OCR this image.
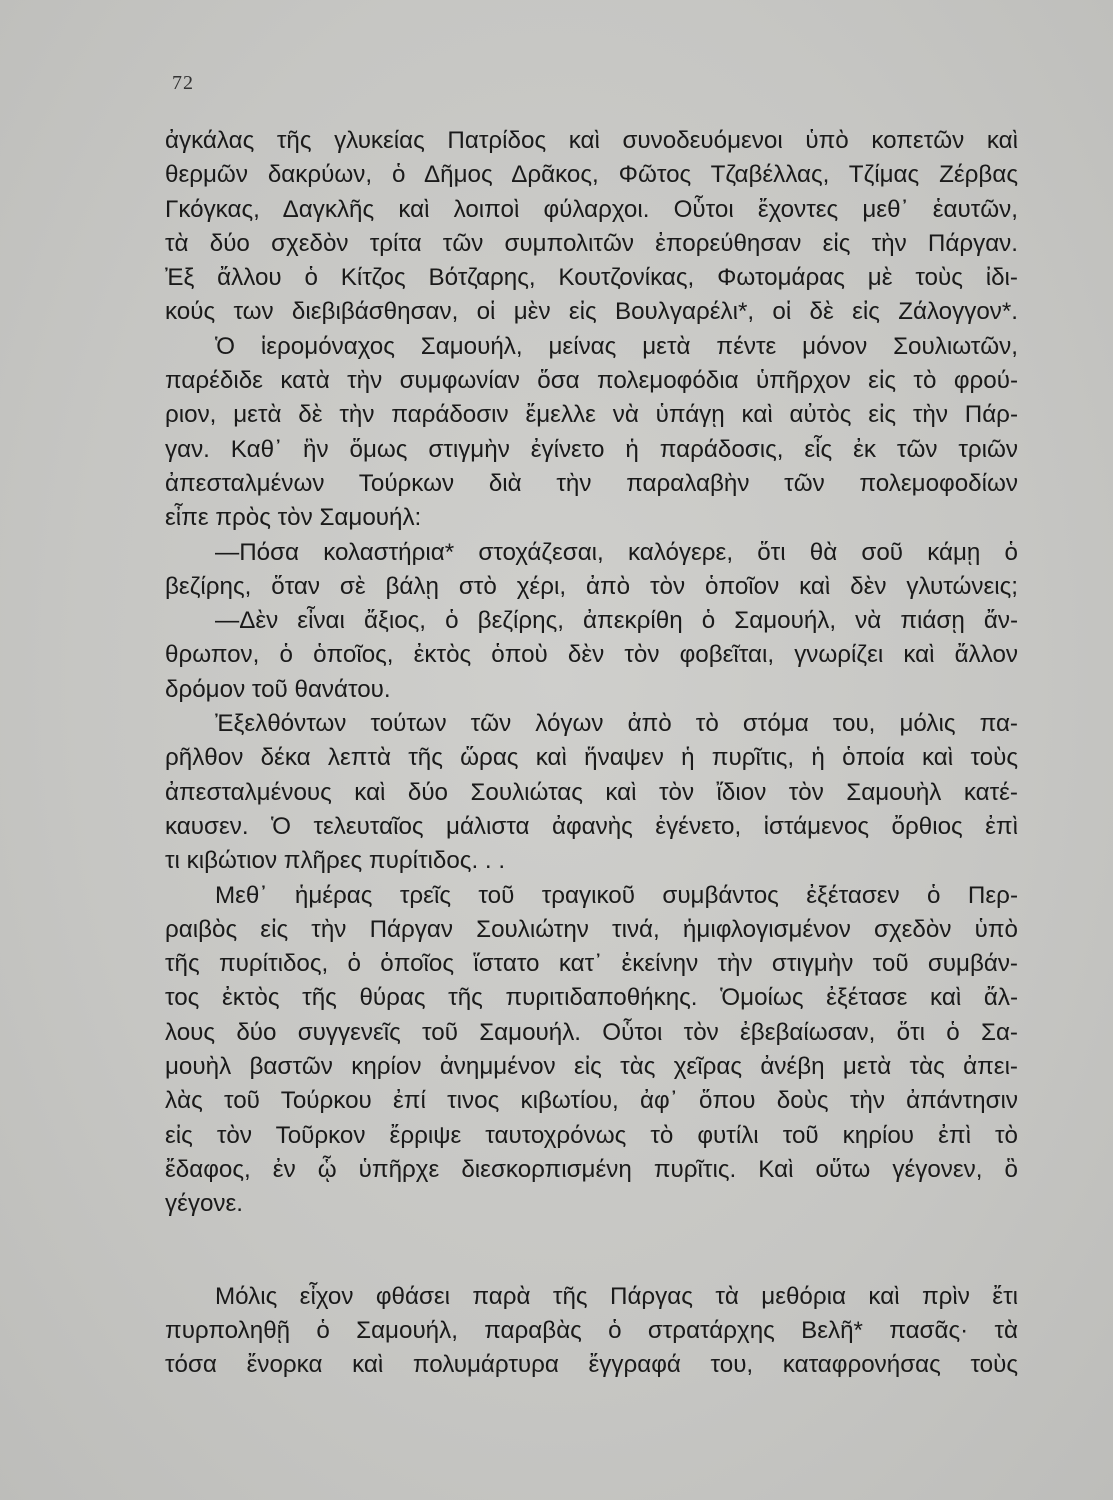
72
ἀγκάλας τῆς γλυκείας Πατρίδος καὶ συνοδευόμενοι ὑπὸ κοπετῶν καὶ
θερμῶν δακρύων, ὁ Δῆμος Δρᾶκος, Φῶτος Τζαβέλλας, Τζίμας Ζέρβας
Γκόγκας, Δαγκλῆς καὶ λοιποὶ φύλαρχοι. Οὗτοι ἔχοντες μεθ᾽ ἑαυτῶν,
τὰ δύο σχεδὸν τρίτα τῶν συμπολιτῶν ἐπορεύθησαν εἰς τὴν Πάργαν.
Ἐξ ἄλλου ὁ Κίτζος Βότζαρης, Κουτζονίκας, Φωτομάρας μὲ τοὺς ἰδι-
κούς των διεβιβάσθησαν, οἱ μὲν εἰς Βουλγαρέλι*, οἱ δὲ εἰς Ζάλογγον*.
Ὁ ἱερομόναχος Σαμουήλ, μείνας μετὰ πέντε μόνον Σουλιωτῶν,
παρέδιδε κατὰ τὴν συμφωνίαν ὅσα πολεμοφόδια ὑπῆρχον εἰς τὸ φρού-
ριον, μετὰ δὲ τὴν παράδοσιν ἔμελλε νὰ ὑπάγῃ καὶ αὐτὸς εἰς τὴν Πάρ-
γαν. Καθ᾽ ἣν ὅμως στιγμὴν ἐγίνετο ἡ παράδοσις, εἷς ἐκ τῶν τριῶν
ἀπεσταλμένων Τούρκων διὰ τὴν παραλαβὴν τῶν πολεμοφοδίων
εἶπε πρὸς τὸν Σαμουήλ:
—Πόσα κολαστήρια* στοχάζεσαι, καλόγερε, ὅτι θὰ σοῦ κάμῃ ὁ
βεζίρης, ὅταν σὲ βάλῃ στὸ χέρι, ἀπὸ τὸν ὁποῖον καὶ δὲν γλυτώνεις;
—Δὲν εἶναι ἄξιος, ὁ βεζίρης, ἀπεκρίθη ὁ Σαμουήλ, νὰ πιάσῃ ἄν-
θρωπον, ὁ ὁποῖος, ἐκτὸς ὁποὺ δὲν τὸν φοβεῖται, γνωρίζει καὶ ἄλλον
δρόμον τοῦ θανάτου.
Ἐξελθόντων τούτων τῶν λόγων ἀπὸ τὸ στόμα του, μόλις πα-
ρῆλθον δέκα λεπτὰ τῆς ὥρας καὶ ἥναψεν ἡ πυρῖτις, ἡ ὁποία καὶ τοὺς
ἀπεσταλμένους καὶ δύο Σουλιώτας καὶ τὸν ἴδιον τὸν Σαμουὴλ κατέ-
καυσεν. Ὁ τελευταῖος μάλιστα ἀφανὴς ἐγένετο, ἱστάμενος ὄρθιος ἐπὶ
τι κιβώτιον πλῆρες πυρίτιδος. . .
Μεθ᾽ ἡμέρας τρεῖς τοῦ τραγικοῦ συμβάντος ἐξέτασεν ὁ Περ-
ραιβὸς εἰς τὴν Πάργαν Σουλιώτην τινά, ἡμιφλογισμένον σχεδὸν ὑπὸ
τῆς πυρίτιδος, ὁ ὁποῖος ἵστατο κατ᾽ ἐκείνην τὴν στιγμὴν τοῦ συμβάν-
τος ἐκτὸς τῆς θύρας τῆς πυριτιδαποθήκης. Ὁμοίως ἐξέτασε καὶ ἄλ-
λους δύο συγγενεῖς τοῦ Σαμουήλ. Οὗτοι τὸν ἐβεβαίωσαν, ὅτι ὁ Σα-
μουὴλ βαστῶν κηρίον ἀνημμένον εἰς τὰς χεῖρας ἀνέβη μετὰ τὰς ἀπει-
λὰς τοῦ Τούρκου ἐπί τινος κιβωτίου, ἀφ᾽ ὅπου δοὺς τὴν ἀπάντησιν
εἰς τὸν Τοῦρκον ἔρριψε ταυτοχρόνως τὸ φυτίλι τοῦ κηρίου ἐπὶ τὸ
ἔδαφος, ἐν ᾧ ὑπῆρχε διεσκορπισμένη πυρῖτις. Καὶ οὕτω γέγονεν, ὃ
γέγονε.
Μόλις εἶχον φθάσει παρὰ τῆς Πάργας τὰ μεθόρια καὶ πρὶν ἔτι
πυρποληθῇ ὁ Σαμουήλ, παραβὰς ὁ στρατάρχης Βελῆ* πασᾶς· τὰ
τόσα ἔνορκα καὶ πολυμάρτυρα ἔγγραφά του, καταφρονήσας τοὺς
